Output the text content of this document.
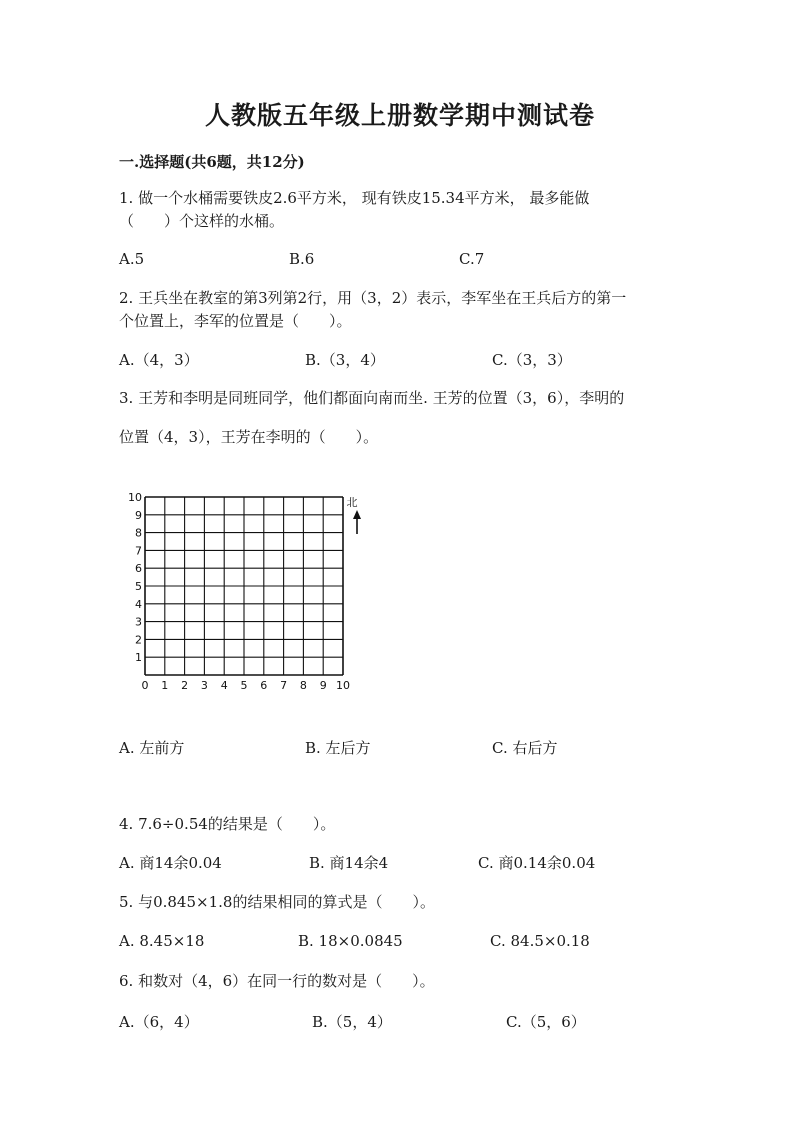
人教版五年级上册数学期中测试卷
一.选择题(共6题，共12分)
1. 做一个水桶需要铁皮2.6平方米， 现有铁皮15.34平方米， 最多能做
（　　）个这样的水桶。
A.5	B.6	C.7
2. 王兵坐在教室的第3列第2行，用（3，2）表示，李军坐在王兵后方的第一
个位置上，李军的位置是（　　）。
A.（4，3）	B.（3，4）	C.（3，3）
3. 王芳和李明是同班同学，他们都面向南而坐. 王芳的位置（3，6），李明的
位置（4，3），王芳在李明的（　　）。
0 1 2 3 4 5 6 7 8 9 10
1
2
3
4
5
6
7
8
9
10	北
A. 左前方	B. 左后方	C. 右后方
4. 7.6÷0.54的结果是（　　）。
A. 商14余0.04	B. 商14余4	C. 商0.14余0.04
5. 与0.845×1.8的结果相同的算式是（　　）。
A. 8.45×18	B. 18×0.0845	C. 84.5×0.18
6. 和数对（4，6）在同一行的数对是（　　）。
A.（6，4）	B.（5，4）	C.（5，6）
